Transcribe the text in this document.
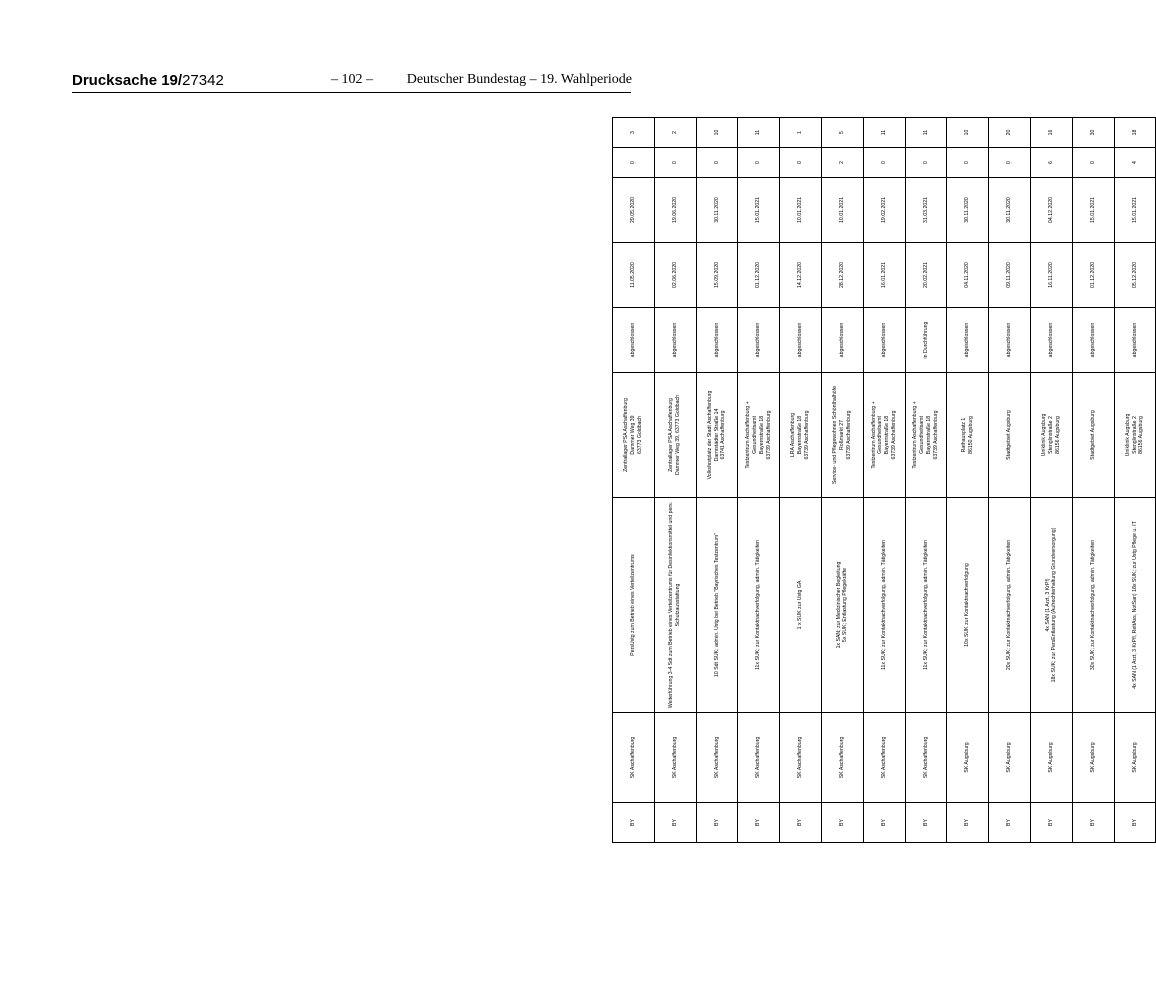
Drucksache 19/27342	– 102 –	Deutscher Bundestag – 19. Wahlperiode
BY	SK Aschaffenburg	PersUstg zum Betrieb eines Verteilzentrums	Zentrallager PSA Aschaffenburg
Dammer Weg 39
63773 Goldbach	abgeschlossen	11.05.2020	29.05.2020	0	3
BY	SK Aschaffenburg	Weiterführung 3-4 Sdt zum Betrieb eines Verteilzentrums für Desinfektionsmittel und pers.
Schutzausstattung	Zentrallager PSA Aschaffenburg
Dammer Weg 39, 63773 Goldbach	abgeschlossen	02.06.2020	19.06.2020	0	2
BY	SK Aschaffenburg	10 Sdt SUK; admin. Ustg bei Betrieb "Bayrisches Testzentrum"	Volksfestplatz der Stadt Aschaffenburg
Darmstädter Straße 14
63741 Aschaffenburg	abgeschlossen	15.09.2020	30.11.2020	0	10
BY	SK Aschaffenburg	11x SUK; zur Kontaktnachverfolgung, admin. Tätigkeiten	Testzentrum Aschaffenburg +
Gesundheitsamt
Bayernstraße 18
63739 Aschaffenburg	abgeschlossen	01.12.2020	15.01.2021	0	11
BY	SK Aschaffenburg	1 x SUK zur Ustg GA	LRA Aschaffenburg
Bayernstraße 18
63739 Aschaffenburg	abgeschlossen	14.12.2020	10.01.2021	0	1
BY	SK Aschaffenburg	1x SAN; zur Medizinischer Begleitung
5x SUK; Entlastung Pflegekräfte	Service- und Pflegewohnen Schönthalhöfe
Roßmarkt 27
63739 Aschaffenburg	abgeschlossen	28.12.2020	10.01.2021	2	5
BY	SK Aschaffenburg	11x SUK; zur Kontaktnachverfolgung, admin. Tätigkeiten	Testzentrum Aschaffenburg +
Gesundheitsamt
Bayernstraße 18
63739 Aschaffenburg	abgeschlossen	16.01.2021	19.02.2021	0	11
BY	SK Aschaffenburg	11x SUK; zur Kontaktnachverfolgung, admin. Tätigkeiten	Testzentrum Aschaffenburg +
Gesundheitsamt
Bayernstraße 18
63739 Aschaffenburg	in Durchführung	20.02.2021	31.03.2021	0	11
BY	SK Augsburg	10x SUK zur Kontaktnachverfolgung	Rathausplatz 1
86150 Augsburg	abgeschlossen	04.11.2020	30.11.2020	0	10
BY	SK Augsburg	20x SUK; zur Kontaktnachverfolgung, admin. Tätigkeiten	Stadtgebiet Augsburg	abgeschlossen	09.11.2020	30.11.2020	0	20
BY	SK Augsburg	4x SAN (1 Arzt, 3 KrPf)
18x SUK; zur PersEntlastung (Aufrechterhaltung Grundversorgung)	Uniklinik Augsburg
Stenglinstraße 2
86156 Augsburg	abgeschlossen	16.11.2020	04.12.2020	6	16
BY	SK Augsburg	30x SUK; zur Kontaktnachverfolgung, admin. Tätigkeiten	Stadtgebiet Augsburg	abgeschlossen	01.12.2020	15.01.2021	0	30
BY	SK Augsburg	4x SAN (1 Arzt, 3 KrPfl, RettAss, NotSan) 18x SUK; zur Ustg Pflege u. IT	Uniklinik Augsburg
Stenglinstraße 2
86156 Augsburg	abgeschlossen	05.12.2020	15.01.2021	4	18
